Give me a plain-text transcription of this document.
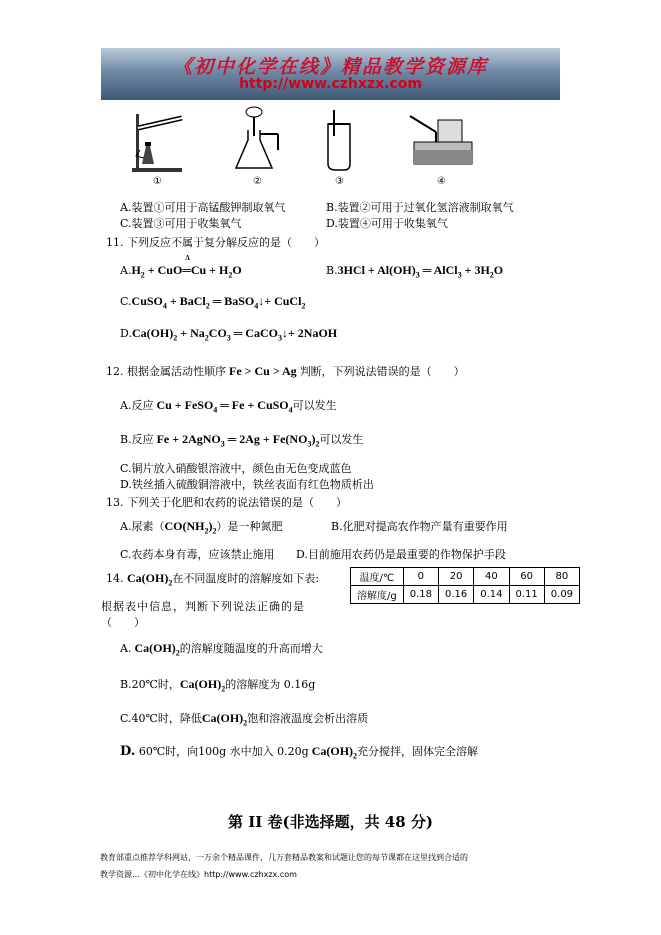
《初中化学在线》精品教学资源库
http://www.czhxzx.com
①	②	③	④
A.装置①可用于高锰酸钾制取氧气	B.装置②可用于过氧化氢溶液制取氧气
C.装置③可用于收集氧气	D.装置④可用于收集氧气
11. 下列反应不属于复分解反应的是（　　）
$A.H_2$ + CuO═
Δ
$Cu + H_2O$	$B.3HCl + Al(OH)_3$ ═ AlCl$_3$ + $3H_2O$
C.CuSO$_4$ + BaCl$_2$ ═ BaSO$_4$↓+ CuCl$_2$
$D.Ca(OH)_2 + Na_2CO_3$ ═ CaCO$_3$↓+ 2NaOH
12. 根据金属活动性顺序 Fe > Cu > Ag 判断，下列说法错误的是（　　）
A.反应 Cu + FeSO$_4$ ═ Fe + CuSO$_4$可以发生
B.反应 Fe + 2AgNO$_3$ ═ $2Ag + Fe(NO_3)_2$可以发生
C.铜片放入硝酸银溶液中，颜色由无色变成蓝色
D.铁丝插入硫酸铜溶液中，铁丝表面有红色物质析出
13. 下列关于化肥和农药的说法错误的是（　　）
A.尿素$(CO(NH_2)_2)$是一种氮肥	B.化肥对提高农作物产量有重要作用
C.农药本身有毒，应该禁止施用 D.目前施用农药仍是最重要的作物保护手段
14. $Ca(OH)_2$在不同温度时的溶解度如下表:	温度/℃	0	20	40	60	80
溶解度/g	0.18	0.16	0.14	0.11	0.09
根据表中信息，判断下列说法正确的是
（　　）
A. $Ca(OH)_2$的溶解度随温度的升高而增大
B.20℃时，$Ca(OH)_2$的溶解度为 0.16g
C.40℃时，降低$Ca(OH)_2$饱和溶液温度会析出溶质
D. 60℃时，向100g 水中加入 0.20g $Ca(OH)_2$充分搅拌，固体完全溶解
第 II 卷(非选择题，共 48 分)
教育部重点推荐学科网站，一万余个精品课件，几万套精品教案和试题让您的每节课都在这里找到合适的
教学资源…《初中化学在线》http://www.czhxzx.com
